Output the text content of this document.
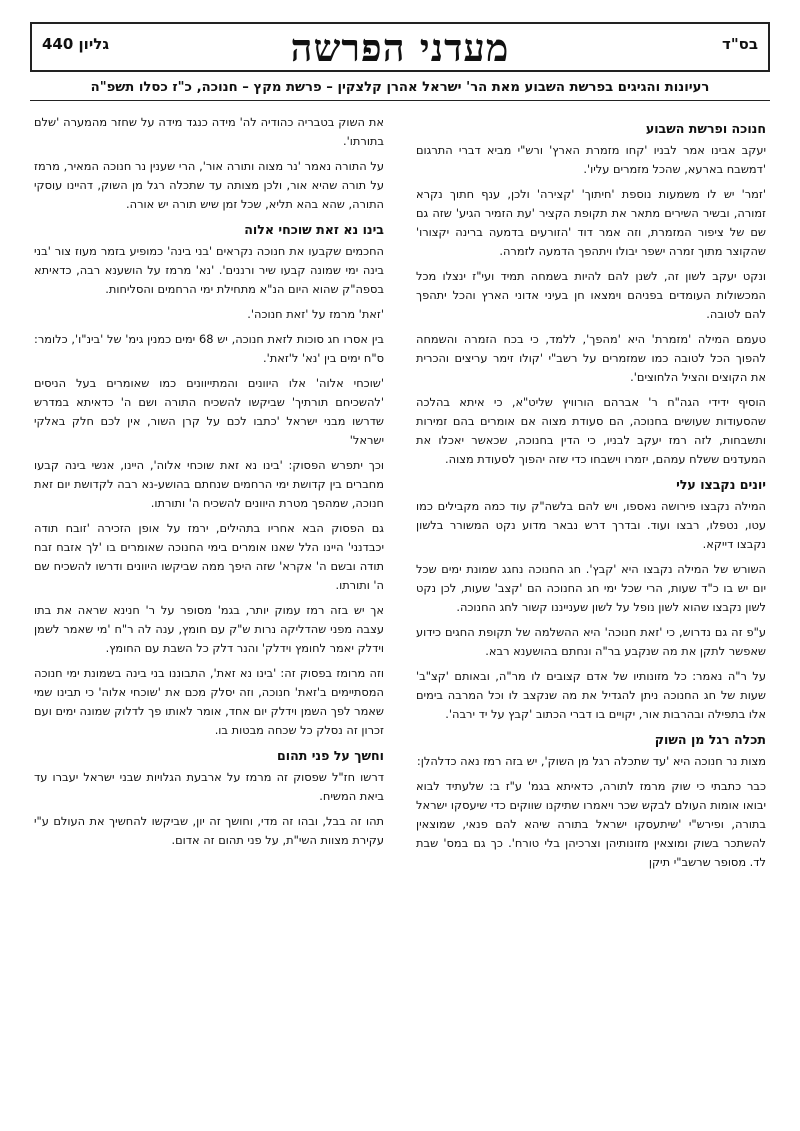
בס"ד
מעדני הפרשה
גליון 440
רעיונות והגיגים בפרשת השבוע מאת הר' ישראל אהרן קלצקין – פרשת מקץ – חנוכה, כ"ז כסלו תשפ"ה
חנוכה ופרשת השבוע

יעקב אבינו אמר לבניו 'קחו מזמרת הארץ' ורש"י מביא דברי התרגום 'דמשבח בארעא, שהכל מזמרים עליו'.

'זמר' יש לו משמעות נוספת 'חיתוך' 'קצירה' ולכן, ענף חתוך נקרא זמורה, ובשיר השירים מתאר את תקופת הקציר 'עת הזמיר הגיע' שזה גם שם של ציפור המזמרת, וזה אמר דוד 'הזורעים בדמעה ברינה יקצורו' שהקוצר מתוך זמרה ישפר יבולו ויתהפך הדמעה לזמרה.

ונקט יעקב לשון זה, לשנן להם להיות בשמחה תמיד ועי"ז ינצלו מכל המכשולות העומדים בפניהם וימצאו חן בעיני אדוני הארץ והכל יתהפך להם לטובה.

טעמם המילה 'מזמרת' היא 'מהפך', ללמד, כי בכח הזמרה והשמחה להפוך הכל לטובה כמו שמזמרים על רשב"י 'קולו זימר עריצים והכרית את הקוצים והציל הלחוצים'.

הוסיף ידידי הגה"ח ר' אברהם הורוויץ שליט"א, כי איתא בהלכה שהסעודות שעושים בחנוכה, הם סעודת מצוה אם אומרים בהם זמירות ותשבחות, לזה רמז יעקב לבניו, כי הדין בחנוכה, שכאשר יאכלו את המעדנים ששלח עמהם, יזמרו וישבחו כדי שזה יהפוך לסעודת מצוה.

יונים נקבצו עלי

המילה נקבצו פירושה נאספו, ויש להם בלשה"ק עוד כמה מקבילים כמו עטו, נטפלו, רבצו ועוד. ובדרך דרש נבאר מדוע נקט המשורר בלשון נקבצו דייקא.

השורש של המילה נקבצו היא 'קבץ'. חג החנוכה נחגג שמונת ימים שכל יום יש בו כ"ד שעות, הרי שכל ימי חג החנוכה הם 'קצב' שעות, לכן נקט לשון נקבצו שהוא לשון נופל על לשון שענייננו קשור לחג החנוכה.

ע"פ זה גם נדרוש, כי 'זאת חנוכה' היא ההשלמה של תקופת החגים כידוע שאפשר לתקן את מה שנקבע בר"ה ונחתם בהושענא רבא.

על ר"ה נאמר: כל מזונותיו של אדם קצובים לו מר"ה, ובאותם 'קצ"ב' שעות של חג החנוכה ניתן להגדיל את מה שנקצב לו וכל המרבה בימים אלו בתפילה ובהרבות אור, יקויים בו דברי הכתוב 'קבץ על יד ירבה'.

תכלה רגל מן השוק

מצות נר חנוכה היא 'עד שתכלה רגל מן השוק', יש בזה רמז נאה כדלהלן:

כבר כתבתי כי שוק מרמז לתורה, כדאיתא בגמ' ע"ז ב: שלעתיד לבוא יבואו אומות העולם לבקש שכר ויאמרו שתיקנו שווקים כדי שיעסקו ישראל בתורה, ופירש"י 'שיתעסקו ישראל בתורה שיהא להם פנאי, שמוצאין להשתכר בשוק ומוצאין מזונותיהן וצרכיהן בלי טורח'. כך גם במס' שבת לד. מסופר שרשב"י תיקן

את השוק בטבריה כהודיה לה' מידה כנגד מידה על שחזר מהמערה 'שלם בתורתו'.

על התורה נאמר 'נר מצוה ותורה אור', הרי שענין נר חנוכה המאיר, מרמז על תורה שהיא אור, ולכן מצותה עד שתכלה רגל מן השוק, דהיינו עוסקי התורה, שהא בהא תליא, שכל זמן שיש תורה יש אורה.

בינו נא זאת שוכחי אלוה

החכמים שקבעו את חנוכה נקראים 'בני בינה' כמופיע בזמר מעוז צור 'בני בינה ימי שמונה קבעו שיר ורננים'. 'נא' מרמז על הושענא רבה, כדאיתא בספה"ק שהוא היום הנ"א מתחילת ימי הרחמים והסליחות.

'זאת' מרמז על 'זאת חנוכה'.

בין אסרו חג סוכות לזאת חנוכה, יש 68 ימים כמנין גימ' של 'בינ"ו', כלומר: ס"ח ימים בין 'נא' ל'זאת'.

'שוכחי אלוה' אלו היוונים והמתייוונים כמו שאומרים בעל הניסים 'להשכיחם תורתיך' שביקשו להשכיח התורה ושם ה' כדאיתא במדרש שדרשו מבני ישראל 'כתבו לכם על קרן השור, אין לכם חלק באלקי ישראל'

וכך יתפרש הפסוק: 'בינו נא זאת שוכחי אלוה', היינו, אנשי בינה קבעו מחברים בין קדושת ימי הרחמים שנחתם בהושע-נא רבה לקדושת יום זאת חנוכה, שמהפך מטרת היוונים להשכיח ה' ותורתו.

גם הפסוק הבא אחריו בתהילים, ירמז על אופן הזכירה 'זובח תודה יכבדנני' היינו הלל שאנו אומרים בימי החנוכה שאומרים בו 'לך אזבח זבח תודה ובשם ה' אקרא' שזה היפך ממה שביקשו היוונים ודרשו להשכיח שם ה' ותורתו.

אך יש בזה רמז עמוק יותר, בגמ' מסופר על ר' חנינא שראה את בתו עצבה מפני שהדליקה נרות ש"ק עם חומץ, ענה לה ר"ח 'מי שאמר לשמן וידלק יאמר לחומץ וידלק' והנר דלק כל השבת עם החומץ.

וזה מרומז בפסוק זה: 'בינו נא זאת', התבוננו בני בינה בשמונת ימי חנוכה המסתיימים ב'זאת' חנוכה, וזה יסלק מכם את 'שוכחי אלוה' כי תבינו שמי שאמר לפך השמן וידלק יום אחד, אומר לאותו פך לדלוק שמונה ימים ועם זכרון זה נסלק כל שכחה מבטות בו.

וחשך על פני תהום

דרשו חז"ל שפסוק זה מרמז על ארבעת הגלויות שבני ישראל יעברו עד ביאת המשיח.

תהו זה בבל, ובהו זה מדי, וחושך זה יון, שביקשו להחשיך את העולם ע"י עקירת מצוות השי"ת, על פני תהום זה אדום.
